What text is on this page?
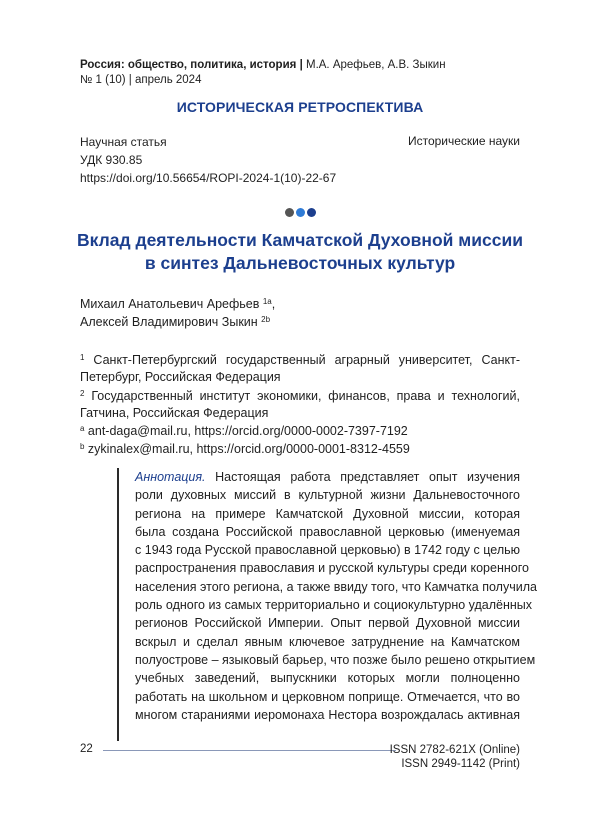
Россия: общество, политика, история | М.А. Арефьев, А.В. Зыкин
№ 1 (10) | апрель 2024
ИСТОРИЧЕСКАЯ РЕТРОСПЕКТИВА
Научная статья	Исторические науки
УДК 930.85
https://doi.org/10.56654/ROPI-2024-1(10)-22-67
Вклад деятельности Камчатской Духовной миссии
в синтез Дальневосточных культур
Михаил Анатольевич Арефьев 1a,
Алексей Владимирович Зыкин 2b

1 Санкт-Петербургский государственный аграрный университет, Санкт-Петербург, Российская Федерация

2 Государственный институт экономики, финансов, права и технологий, Гатчина, Российская Федерация

a ant-daga@mail.ru, https://orcid.org/0000-0002-7397-7192

b zykinalex@mail.ru, https://orcid.org/0000-0001-8312-4559

Аннотация. Настоящая работа представляет опыт изучения
роли духовных миссий в культурной жизни Дальневосточного
региона на примере Камчатской Духовной миссии, которая
была создана Российской православной церковью (именуемая
с 1943 года Русской православной церковью) в 1742 году с целью
распространения православия и русской культуры среди коренного
населения этого региона, а также ввиду того, что Камчатка получила
роль одного из самых территориально и социокультурно удалённых
регионов Российской Империи. Опыт первой Духовной миссии
вскрыл и сделал явным ключевое затруднение на Камчатском
полуострове – языковый барьер, что позже было решено открытием
учебных заведений, выпускники которых могли полноценно
работать на школьном и церковном поприще. Отмечается, что во
многом стараниями иеромонаха Нестора возрождалась активная
22	ISSN 2782-621X (Online)
ISSN 2949-1142 (Print)
